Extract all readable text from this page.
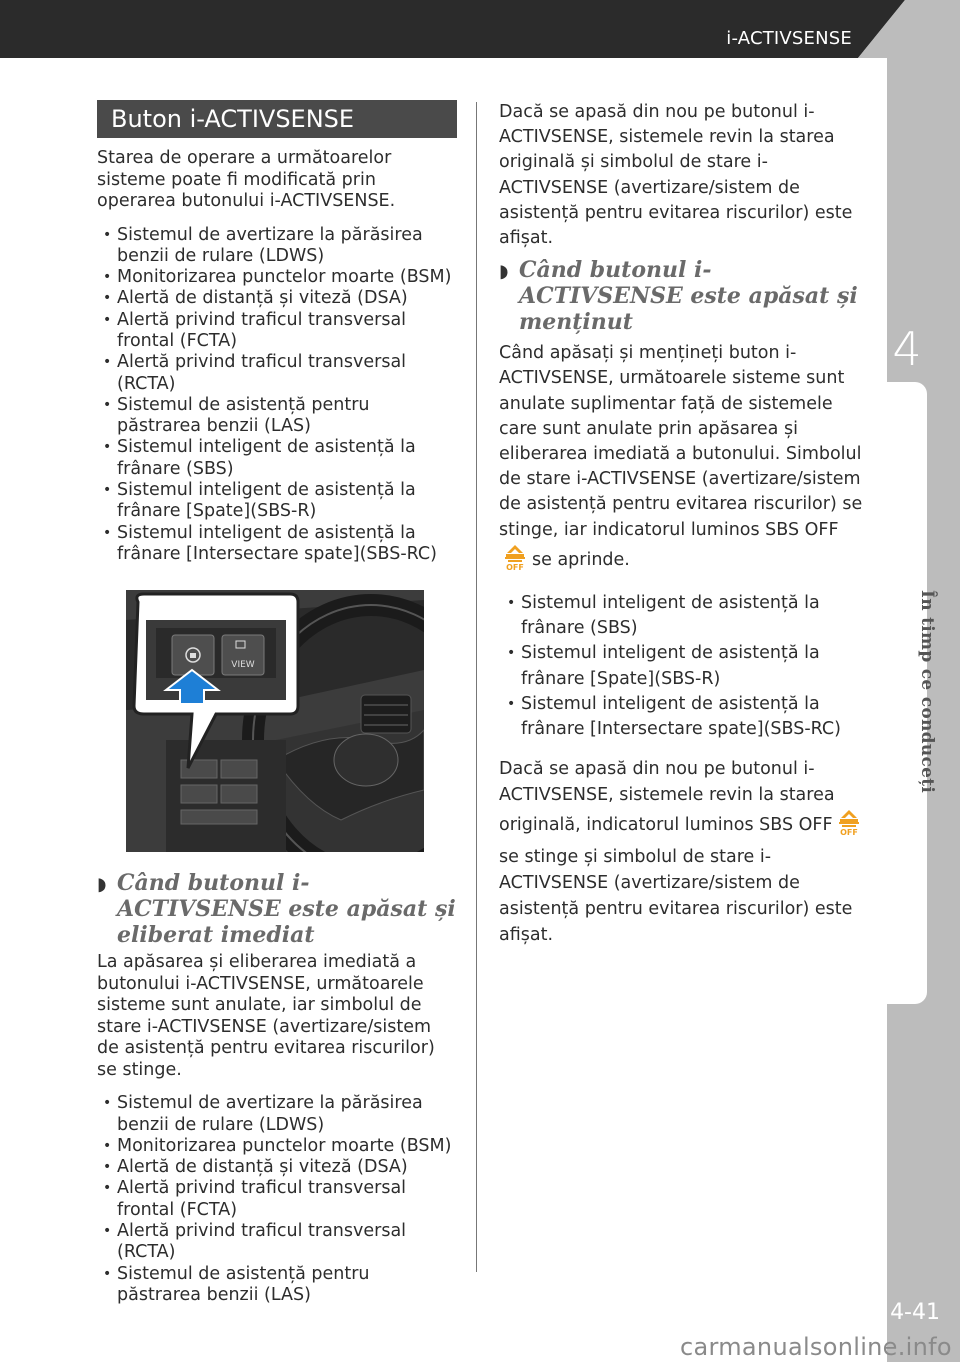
i-ACTIVSENSE
4
În timp ce conduceți
4-41
carmanualsonline.info
Buton i-ACTIVSENSE

Starea de operare a următoarelor sisteme poate fi modificată prin operarea butonului i-ACTIVSENSE.

• Sistemul de avertizare la părăsirea benzii de rulare (LDWS)
• Monitorizarea punctelor moarte (BSM)
• Alertă de distanță și viteză (DSA)
• Alertă privind traficul transversal frontal (FCTA)
• Alertă privind traficul transversal (RCTA)
• Sistemul de asistență pentru păstrarea benzii (LAS)
• Sistemul inteligent de asistență la frânare (SBS)
• Sistemul inteligent de asistență la frânare [Spate](SBS-R)
• Sistemul inteligent de asistență la frânare [Intersectare spate](SBS-RC)
VIEW
◗ Când butonul i-ACTIVSENSE este apăsat și eliberat imediat

La apăsarea și eliberarea imediată a butonului i-ACTIVSENSE, următoarele sisteme sunt anulate, iar simbolul de stare i-ACTIVSENSE (avertizare/sistem de asistență pentru evitarea riscurilor) se stinge.

• Sistemul de avertizare la părăsirea benzii de rulare (LDWS)
• Monitorizarea punctelor moarte (BSM)
• Alertă de distanță și viteză (DSA)
• Alertă privind traficul transversal frontal (FCTA)
• Alertă privind traficul transversal (RCTA)
• Sistemul de asistență pentru păstrarea benzii (LAS)

Dacă se apasă din nou pe butonul i-ACTIVSENSE, sistemele revin la starea originală și simbolul de stare i-ACTIVSENSE (avertizare/sistem de asistență pentru evitarea riscurilor) este afișat.

◗ Când butonul i-ACTIVSENSE este apăsat și menținut

Când apăsați și mențineți buton i-ACTIVSENSE, următoarele sisteme sunt anulate suplimentar față de sistemele care sunt anulate prin apăsarea și eliberarea imediată a butonului. Simbolul de stare i-ACTIVSENSE (avertizare/sistem de asistență pentru evitarea riscurilor) se stinge, iar indicatorul luminos SBS OFF
OFF se aprinde.

• Sistemul inteligent de asistență la frânare (SBS)
• Sistemul inteligent de asistență la frânare [Spate](SBS-R)
• Sistemul inteligent de asistență la frânare [Intersectare spate](SBS-RC)

Dacă se apasă din nou pe butonul i-ACTIVSENSE, sistemele revin la starea originală, indicatorul luminos SBS OFF OFF
se stinge și simbolul de stare i-ACTIVSENSE (avertizare/sistem de asistență pentru evitarea riscurilor) este afișat.
